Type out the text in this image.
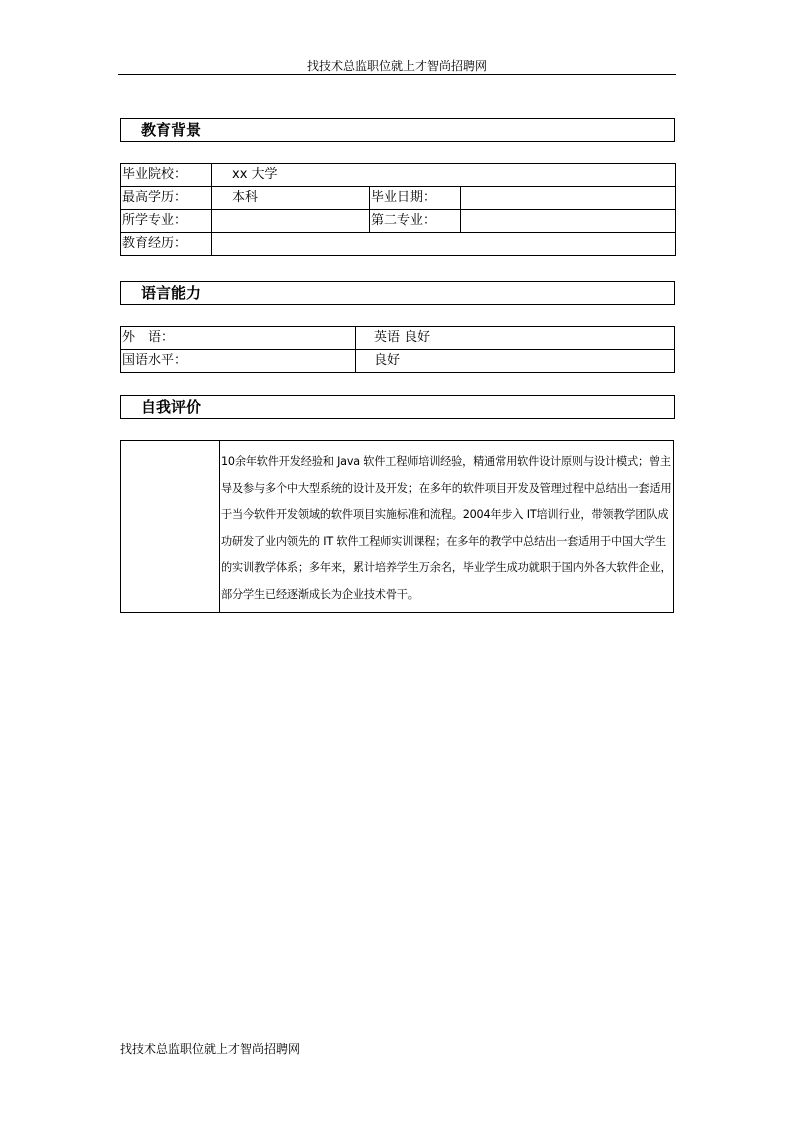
找技术总监职位就上才智尚招聘网
教育背景
毕业院校：	xx 大学		
最高学历：	本科	毕业日期：	
所学专业：		第二专业：	
教育经历：			
语言能力
外　语：	英语 良好
国语水平：	良好
自我评价
10余年软件开发经验和 Java 软件工程师培训经验，精通常用软件设计原则与设计模式；曾主导及参与多个中大型系统的设计及开发；在多年的软件项目开发及管理过程中总结出一套适用于当今软件开发领域的软件项目实施标准和流程。2004年步入 IT培训行业，带领教学团队成功研发了业内领先的 IT 软件工程师实训课程；在多年的教学中总结出一套适用于中国大学生的实训教学体系；多年来，累计培养学生万余名，毕业学生成功就职于国内外各大软件企业，部分学生已经逐渐成长为企业技术骨干。
找技术总监职位就上才智尚招聘网
